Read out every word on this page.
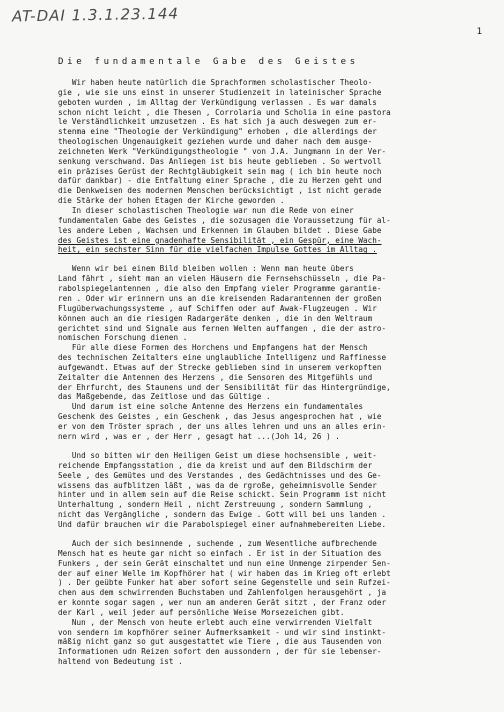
AT-DAI 1.3.1.23.144
1
Die fundamentale Gabe des Geistes
Wir haben heute natürlich die Sprachformen scholastischer Theolo-
gie , wie sie uns einst in unserer Studienzeit in lateinischer Sprache
geboten wurden , im Alltag der Verkündigung verlassen . Es war damals
schon nicht leicht , die Thesen , Corrolaria und Scholia in eine pastora
le Verständlichkeit umzusetzen . Es hat sich ja auch deswegen zum er-
stenma eine "Theologie der Verkündigung" erhoben , die allerdings der
theologischen Ungenauigkeit geziehen wurde und daher nach dem ausge-
zeichneten Werk "Verkündigungstheologie " von J.A. Jungmann in der Ver-
senkung verschwand. Das Anliegen ist bis heute geblieben . So wertvoll
ein präzises Gerüst der Rechtgläubigkeit sein mag ( ich bin heute noch
dafür dankbar) - die Entfaltung einer Sprache , die zu Herzen geht und
die Denkweisen des modernen Menschen berücksichtigt , ist nicht gerade
die Stärke der hohen Etagen der Kirche geworden .
In dieser scholastischen Theologie war nun die Rede von einer
fundamentalen Gabe des Geistes , die sozusagen die Voraussetzung für al-
les andere Leben , Wachsen und Erkennen im Glauben bildet . Diese Gabe
des Geistes ist eine gnadenhafte Sensibilität , ein Gespür, eine Wach-
heit, ein sechster Sinn für die vielfachen Impulse Gottes im Alltag .
Wenn wir bei einem Bild bleiben wollen : Wenn man heute übers
Land fährt , sieht man an vielen Häusern die Fernsehschüsseln , die Pa-
rabolspiegelantennen , die also den Empfang vieler Programme garantie-
ren . Oder wir erinnern uns an die kreisenden Radarantennen der großen
Flugüberwachungssysteme , auf Schiffen oder auf Awak-Flugzeugen . Wir
können auch an die riesigen Radargeräte denken , die in den Weltraum
gerichtet sind und Signale aus fernen Welten auffangen , die der astro-
nomischen Forschung dienen .
Für alle diese Formen des Horchens und Empfangens hat der Mensch
des technischen Zeitalters eine unglaubliche Intelligenz und Raffinesse
aufgewandt. Etwas auf der Strecke geblieben sind in unserem verkopften
Zeitalter die Antennen des Herzens , die Sensoren des Mitgefühls und
der Ehrfurcht, des Staunens und der Sensibilität für das Hintergründige,
das Maßgebende, das Zeitlose und das Gültige .
Und darum ist eine solche Antenne des Herzens ein fundamentales
Geschenk des Geistes , ein Geschenk , das Jesus angesprochen hat , wie
er von dem Tröster sprach , der uns alles lehren und uns an alles erin-
nern wird , was er , der Herr , gesagt hat ...(Joh 14, 26 ) .
Und so bitten wir den Heiligen Geist um diese hochsensible , weit-
reichende Empfangsstation , die da kreist und auf dem Bildschirm der
Seele , des Gemütes und des Verstandes , des Gedächtnisses und des Ge-
wissens das aufblitzen läßt , was da de rgroße, geheimnisvolle Sender
hinter und in allem sein auf die Reise schickt. Sein Programm ist nicht
Unterhaltung , sondern Heil , nicht Zerstreuung , sondern Sammlung ,
nicht das Vergängliche , sondern das Ewige . Gott will bei uns landen .
Und dafür brauchen wir die Parabolspiegel einer aufnahmebereiten Liebe.
Auch der sich besinnende , suchende , zum Wesentliche aufbrechende
Mensch hat es heute gar nicht so einfach . Er ist in der Situation des
Funkers , der sein Gerät einschaltet und nun eine Unmenge zirpender Sen-
der auf einer Welle im Kopfhörer hat ( wir haben das im Krieg oft erlebt
) . Der geübte Funker hat aber sofort seine Gegenstelle und sein Rufzei-
chen aus dem schwirrenden Buchstaben und Zahlenfolgen herausgehört , ja
er konnte sogar sagen , wer nun am anderen Gerät sitzt , der Franz oder
der Karl , weil jeder auf persönliche Weise Morsezeichen gibt.
Nun , der Mensch von heute erlebt auch eine verwirrenden Vielfalt
von sendern im kopfhörer seiner Aufmerksamkeit - und wir sind instinkt-
mäßig nicht ganz so gut ausgestattet wie Tiere , die aus Tausenden von
Informationen udn Reizen sofort den aussondern , der für sie lebenser-
haltend von Bedeutung ist .
